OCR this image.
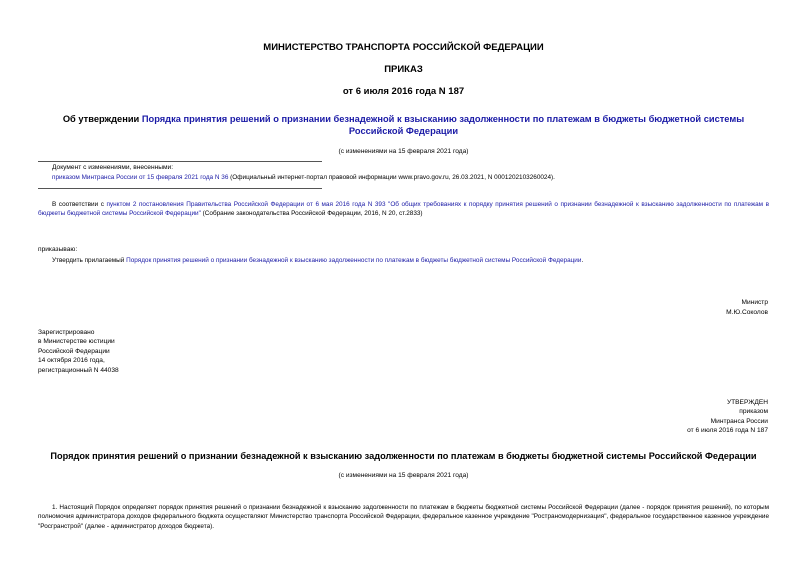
МИНИСТЕРСТВО ТРАНСПОРТА РОССИЙСКОЙ ФЕДЕРАЦИИ
ПРИКАЗ
от 6 июля 2016 года N 187
Об утверждении Порядка принятия решений о признании безнадежной к взысканию задолженности по платежам в бюджеты бюджетной системы Российской Федерации
(с изменениями на 15 февраля 2021 года)
Документ с изменениями, внесенными:
приказом Минтранса России от 15 февраля 2021 года N 36 (Официальный интернет-портал правовой информации www.pravo.gov.ru, 26.03.2021, N 0001202103260024).
В соответствии с пунктом 2 постановления Правительства Российской Федерации от 6 мая 2016 года N 393 "Об общих требованиях к порядку принятия решений о признании безнадежной к взысканию задолженности по платежам в бюджеты бюджетной системы Российской Федерации" (Собрание законодательства Российской Федерации, 2016, N 20, ст.2833)
приказываю:
Утвердить прилагаемый Порядок принятия решений о признании безнадежной к взысканию задолженности по платежам в бюджеты бюджетной системы Российской Федерации.
Министр
М.Ю.Соколов
Зарегистрировано
в Министерстве юстиции
Российской Федерации
14 октября 2016 года,
регистрационный N 44038
УТВЕРЖДЕН
приказом
Минтранса России
от 6 июля 2016 года N 187
Порядок принятия решений о признании безнадежной к взысканию задолженности по платежам в бюджеты бюджетной системы Российской Федерации
(с изменениями на 15 февраля 2021 года)
1. Настоящий Порядок определяет порядок принятия решений о признании безнадежной к взысканию задолженности по платежам в бюджеты бюджетной системы Российской Федерации (далее - порядок принятия решений), по которым полномочия администратора доходов федерального бюджета осуществляют Министерство транспорта Российской Федерации, федеральное казенное учреждение "Ространсмодернизация", федеральное государственное казенное учреждение "Росгранстрой" (далее - администратор доходов бюджета).
